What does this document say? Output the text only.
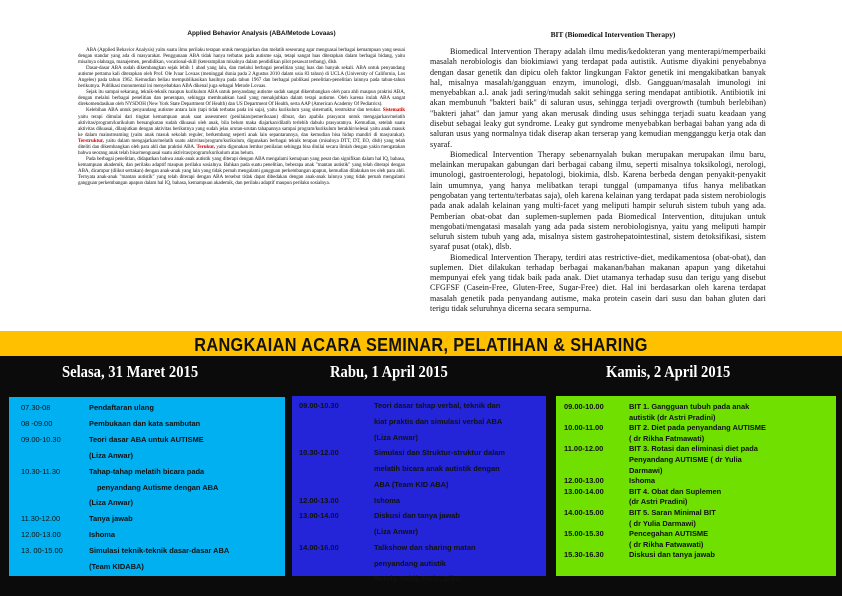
Applied Behavior Analysis (ABA/Metode Lovaas)

ABA (Applied Behavior Analysis) yaitu suatu ilmu perilaku terapan untuk mengajarkan dan melatih seseorang agar menguasai berbagai kemampuan yang sesuai dengan standar yang ada di masyarakat. Penggunaan ABA tidak hanya terbatas pada autisme saja, tetapi sangat luas diterapkan dalam berbagai bidang, yaitu misalnya olahraga, manajemen, pendidikan, vocational-skill (keterampilan misalnya dalam pendidikan pilot pesawat terbang), dlsb.

Dasar-dasar ABA sudah dikembangkan sejak lebih 1 abad yang lalu, dan melalui berbagai penelitian yang luas dan banyak sekali. ABA untuk penyandang autisme pertama kali diterapkan oleh Prof. Ole Ivaar Lovaas (meninggal dunia pada 2 Agustus 2010 dalam usia 83 tahun) di UCLA (University of California, Los Angeles) pada tahun 1962. Kemudian beliau mempublikasikan hasilnya pada tahun 1967 dan berbagai publikasi penelitian-penelitian lainnya pada tahun-tahun berikutnya. Publikasi monumental ini menyebabkan ABA dikenal juga sebagai Metode Lovaas.

Sejak itu sampai sekarang, teknik-teknik maupun kurikulum ABA untuk penyandang autisme sudah sangat dikembangkan oleh para ahli maupun praktisi ABA, dengan melalui berbagai penelitian dan penerapan, sehingga membuahkan hasil yang menakjubkan dalam terapi autisme. Oleh karena itulah ABA sangat direkomendasikan oleh NYSDOH (New York State Department Of Health) dan US Department Of Health, serta AAP (American Academy Of Pediatrics).

Kelebihan ABA untuk penyandang autisme antara lain (tapi tidak terbatas pada ini saja), yaitu kurikulum yang sistematik, terstruktur dan terukur. Sistematik yaitu terapi dimulai dari tingkat kemampuan anak saat assessment (penilaian/pemeriksaan) dibuat, dan apabila prasyarat untuk mengajarkan/melatih aktivitas/program/kurikulum bersangkutan sudah dikuasai oleh anak, bila belum maka diajarkan/dilatih terlebih dahulu prasyaratnya. Kemudian, setelah suatu aktivitas dikuasai, dilanjutkan dengan aktivitas berikutnya yang sudah jelas urutan-urutan tahapannya sampai program/kurikulum berakhir/selesai yaitu anak masuk ke dalam mainstreaming (yaitu anak masuk sekolah reguler, berkembang seperti anak lain sepantarannya, dan kemudian bisa hidup mandiri di masyarakat). Terstruktur, yaitu dalam mengajarkan/melatih suatu aktivitas/program/kurikulum, digunakan berbagai teknik terapan (misalnya DTT, DT, EO, dlsb) yang telah diteliti dan dikembangkan oleh para ahli dan praktisi ABA. Terukur, yaitu digunakan lembar penilaian sehingga bisa dinilai secara ilmiah dengan yakin mengatakan bahwa seorang anak telah bisa/menguasai suatu aktivitas/program/kurikulum atau belum.

Pada berbagai penelitian, didapatkan bahwa anak-anak autistik yang diterapi dengan ABA mengalami kemajuan yang pesat dan signifikan dalam hal IQ, bahasa, kemampuan akademik, dan perilaku adaptif maupun perilaku sosialnya. Bahkan pada suatu penelitian, beberapa anak "mantan autistik" yang telah diterapi dengan ABA, dicampur (diikut sertakan) dengan anak-anak yang lain yang tidak pernah mengalami gangguan perkembangan apapun, kemudian dilakukan tes oleh para ahli. Ternyata anak-anak "mantan autistik" yang telah diterapi dengan ABA tersebut tidak dapat dibedakan dengan anak-anak lainnya yang tidak pernah mengalami gangguan perkembangan apapun dalam hal IQ, bahasa, kemampuan akademik, dan perilaku adaptif maupun perilaku sosialnya.

BIT (Biomedical Intervention Therapy)

Biomedical Intervention Therapy adalah ilmu medis/kedokteran yang menterapi/memperbaiki masalah nerobiologis dan biokimiawi yang terdapat pada autistik. Autisme diyakini penyebabnya dengan dasar genetik dan dipicu oleh faktor lingkungan Faktor genetik ini mengakibatkan banyak hal, misalnya masalah/gangguan enzym, imunologi, dlsb. Gangguan/masalah imunologi ini menyebabkan a.l. anak jadi sering/mudah sakit sehingga sering mendapat antibiotik. Antibiotik ini akan membunuh "bakteri baik" di saluran usus, sehingga terjadi overgrowth (tumbuh berlebihan) "bakteri jahat" dan jamur yang akan merusak dinding usus sehingga terjadi suatu keadaan yang disebut sebagai leaky gut syndrome. Leaky gut syndrome menyebabkan berbagai bahan yang ada di saluran usus yang normalnya tidak diserap akan terserap yang kemudian mengganggu kerja otak dan syaraf.

Biomedical Intervention Therapy sebenarnyalah bukan merupakan merupakan ilmu baru, melainkan merupakan gabungan dari berbagai cabang ilmu, seperti misalnya toksikologi, nerologi, imunologi, gastroenterologi, hepatologi, biokimia, dlsb. Karena berbeda dengan penyakit-penyakit lain umumnya, yang hanya melibatkan terapi tunggal (umpamanya tifus hanya melibatkan pengobatan yang tertentu/terbatas saja), oleh karena kelainan yang terdapat pada sistem nerobiologis pada anak adalah kelainan yang multi-facet yang meliputi hampir seluruh sistem tubuh yang ada. Pemberian obat-obat dan suplemen-suplemen pada Biomedical Intervention, ditujukan untuk mengobati/mengatasi masalah yang ada pada sistem nerobiologisnya, yaitu yang meliputi hampir seluruh sistem tubuh yang ada, misalnya sistem gastrohepatointestinal, sistem detoksifikasi, sistem syaraf pusat (otak), dlsb.

Biomedical Intervention Therapy, terdiri atas restrictive-diet, medikamentosa (obat-obat), dan suplemen. Diet dilakukan terhadap berbagai makanan/bahan makanan apapun yang diketahui mempunyai efek yang tidak baik pada anak. Diet utamanya terhadap susu dan terigu yang disebut CFGFSF (Casein-Free, Gluten-Free, Sugar-Free) diet. Hal ini berdasarkan oleh karena terdapat masalah genetik pada penyandang autisme, maka protein casein dari susu dan bahan gluten dari terigu tidak seluruhnya dicerna secara sempurna.

RANGKAIAN ACARA SEMINAR, PELATIHAN & SHARING
Selasa, 31 Maret 2015	Rabu, 1 April 2015	Kamis, 2 April 2015
07.30-08	Pendaftaran ulang
08 -09.00	Pembukaan dan kata sambutan
09.00-10.30	Teori dasar ABA untuk AUTISME
(Liza Anwar)
10.30-11.30	Tahap-tahap melatih bicara pada
penyandang Autisme dengan ABA
(Liza Anwar)
11.30-12.00	Tanya jawab
12.00-13.00	Ishoma
13. 00-15.00	Simulasi teknik-teknik dasar-dasar ABA
(Team KIDABA)
09.00-10.30	Teori dasar tahap verbal, teknik dan
kiat praktis dan simulasi verbal ABA
(Liza Anwar)
10.30-12.00	Simulasi dan Struktur-struktur dalam
melatih bicara anak autistik dengan
ABA (Team KID ABA)
12.00-13.00	Ishoma
13.00-14.00	Diskusi dan tanya jawab
(Liza Anwar)
14.00-16.00	Talkshow dan sharing matan
penyandang autistik
Rendy, Valdi, Faris, Dika
09.00-10.00	BIT 1. Gangguan tubuh pada anak
autistik (dr Astri Pradini)
10.00-11.00	BIT 2. Diet pada penyandang AUTISME
( dr Rikha Fatmawati)
11.00-12.00	BIT 3. Rotasi dan eliminasi diet pada
Penyandang AUTISME ( dr Yulia
Darmawi)
12.00-13.00	Ishoma
13.00-14.00	BIT 4. Obat dan Suplemen
(dr Astri Pradini)
14.00-15.00	BIT 5. Saran Minimal BIT
( dr Yulia Darmawi)
15.00-15.30	Pencegahan AUTISME
( dr Rikha Fatwawati)
15.30-16.30	Diskusi dan tanya jawab
